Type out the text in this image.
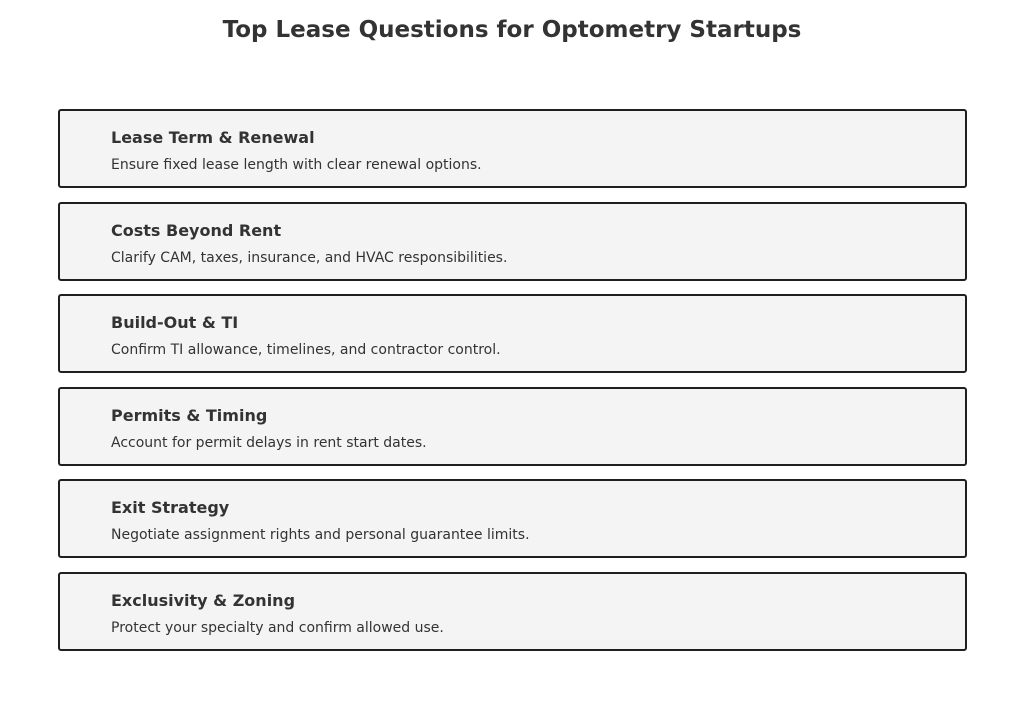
Top Lease Questions for Optometry Startups
Lease Term & Renewal
Ensure fixed lease length with clear renewal options.
Costs Beyond Rent
Clarify CAM, taxes, insurance, and HVAC responsibilities.
Build-Out & TI
Confirm TI allowance, timelines, and contractor control.
Permits & Timing
Account for permit delays in rent start dates.
Exit Strategy
Negotiate assignment rights and personal guarantee limits.
Exclusivity & Zoning
Protect your specialty and confirm allowed use.
